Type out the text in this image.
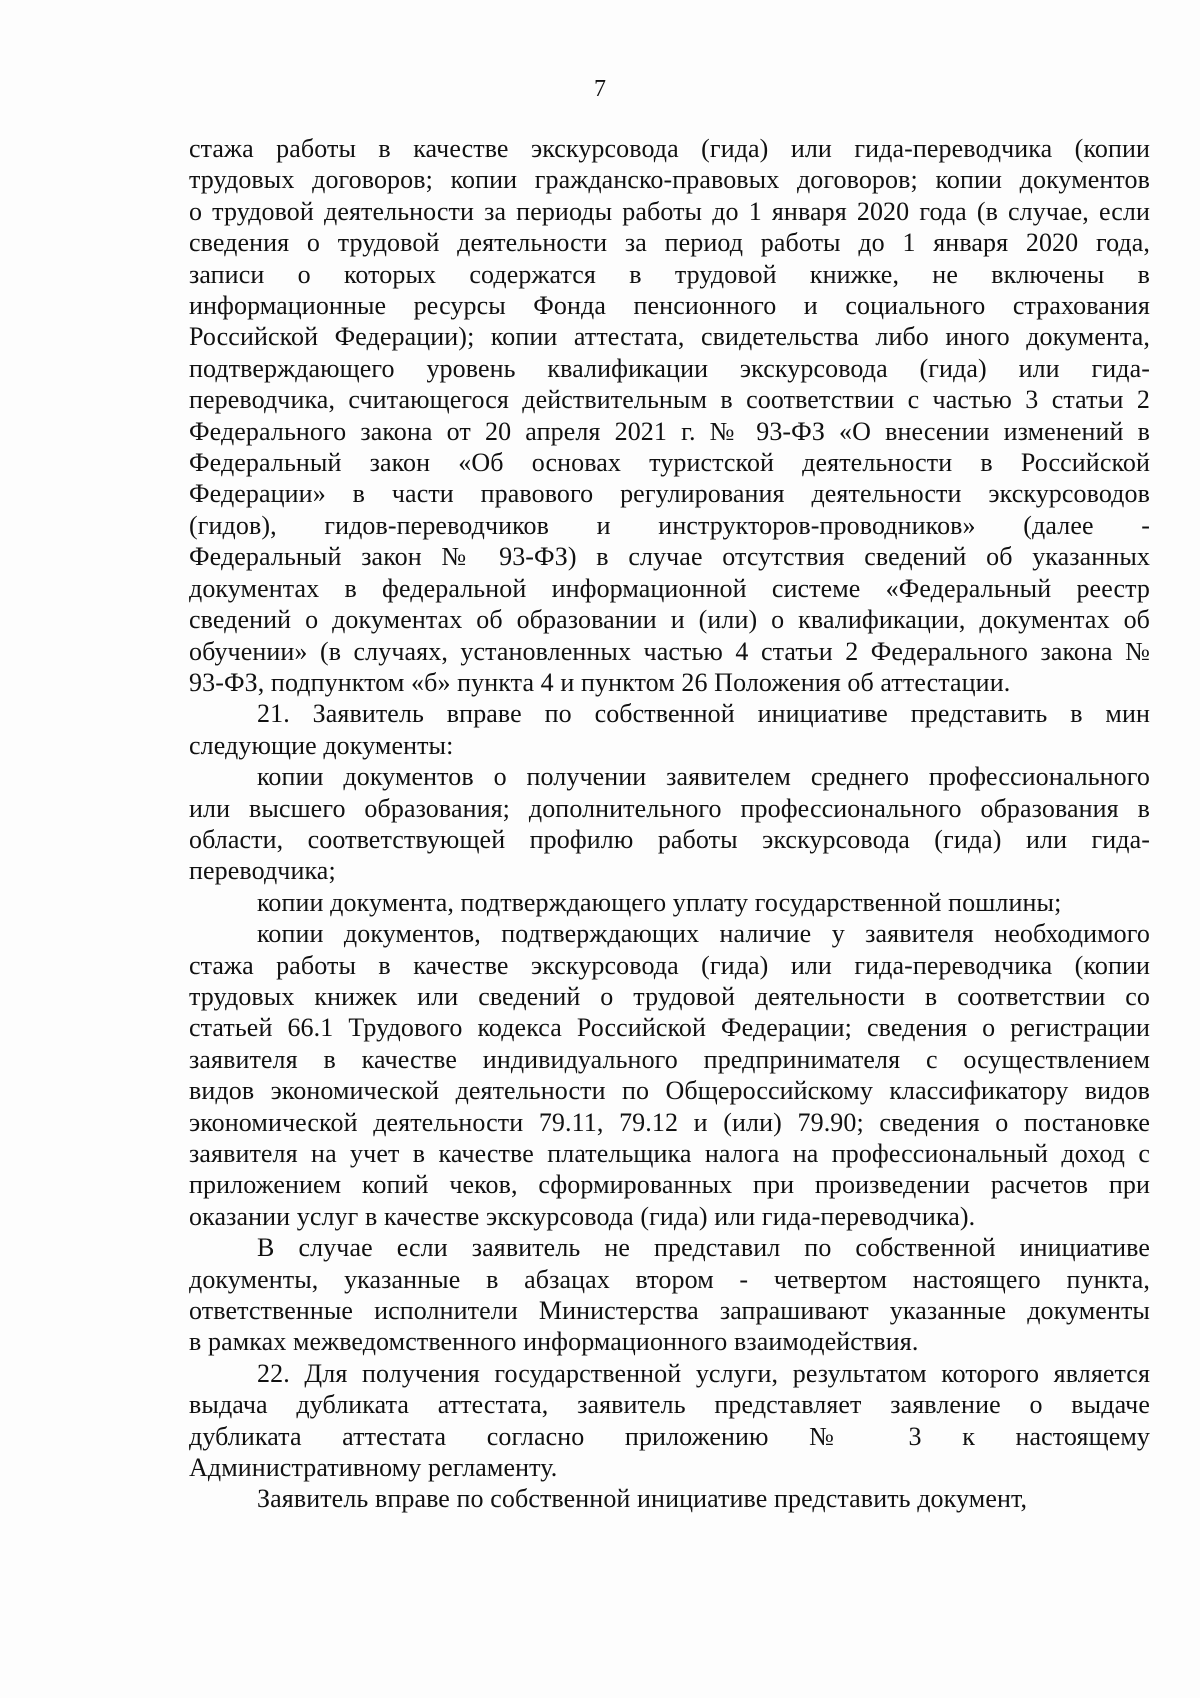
7
стажа работы в качестве экскурсовода (гида) или гида-переводчика (копии
трудовых договоров; копии гражданско-правовых договоров; копии документов
о трудовой деятельности за периоды работы до 1 января 2020 года (в случае, если
сведения о трудовой деятельности за период работы до 1 января 2020 года,
записи о которых содержатся в трудовой книжке, не включены в
информационные ресурсы Фонда пенсионного и социального страхования
Российской Федерации); копии аттестата, свидетельства либо иного документа,
подтверждающего уровень квалификации экскурсовода (гида) или гида-
переводчика, считающегося действительным в соответствии с частью 3 статьи 2
Федерального закона от 20 апреля 2021 г. № 93-ФЗ «О внесении изменений в
Федеральный закон «Об основах туристской деятельности в Российской
Федерации» в части правового регулирования деятельности экскурсоводов
(гидов), гидов-переводчиков и инструкторов-проводников» (далее -
Федеральный закон № 93-ФЗ) в случае отсутствия сведений об указанных
документах в федеральной информационной системе «Федеральный реестр
сведений о документах об образовании и (или) о квалификации, документах об
обучении» (в случаях, установленных частью 4 статьи 2 Федерального закона №
93-ФЗ, подпунктом «б» пункта 4 и пунктом 26 Положения об аттестации.
21. Заявитель вправе по собственной инициативе представить в мин
следующие документы:
копии документов о получении заявителем среднего профессионального
или высшего образования; дополнительного профессионального образования в
области, соответствующей профилю работы экскурсовода (гида) или гида-
переводчика;
копии документа, подтверждающего уплату государственной пошлины;
копии документов, подтверждающих наличие у заявителя необходимого
стажа работы в качестве экскурсовода (гида) или гида-переводчика (копии
трудовых книжек или сведений о трудовой деятельности в соответствии со
статьей 66.1 Трудового кодекса Российской Федерации; сведения о регистрации
заявителя в качестве индивидуального предпринимателя с осуществлением
видов экономической деятельности по Общероссийскому классификатору видов
экономической деятельности 79.11, 79.12 и (или) 79.90; сведения о постановке
заявителя на учет в качестве плательщика налога на профессиональный доход с
приложением копий чеков, сформированных при произведении расчетов при
оказании услуг в качестве экскурсовода (гида) или гида-переводчика).
В случае если заявитель не представил по собственной инициативе
документы, указанные в абзацах втором - четвертом настоящего пункта,
ответственные исполнители Министерства запрашивают указанные документы
в рамках межведомственного информационного взаимодействия.
22. Для получения государственной услуги, результатом которого является
выдача дубликата аттестата, заявитель представляет заявление о выдаче
дубликата аттестата согласно приложению № 3 к настоящему
Административному регламенту.
Заявитель вправе по собственной инициативе представить документ,
